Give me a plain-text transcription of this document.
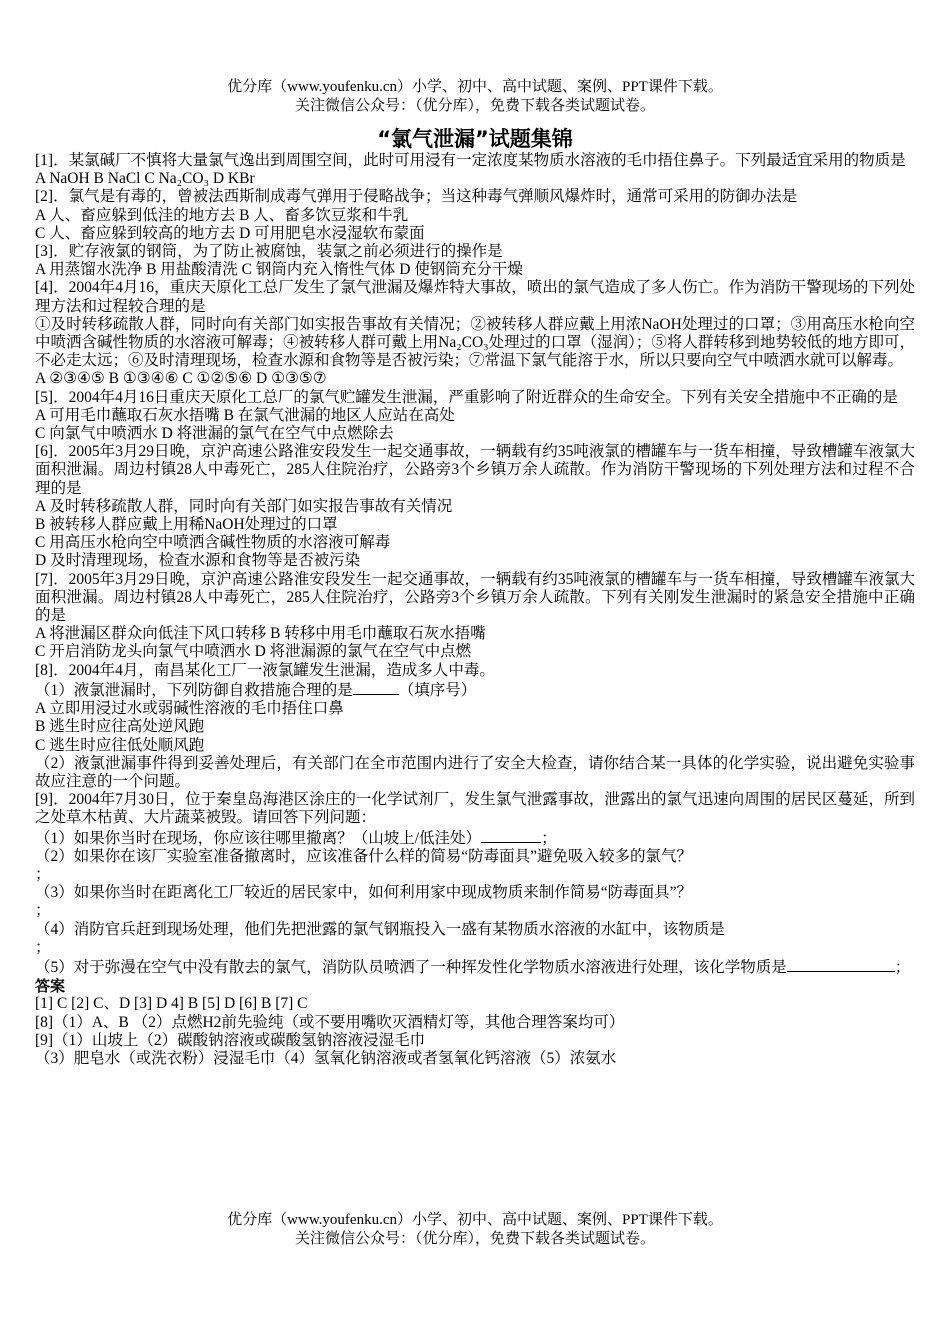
优分库（www.youfenku.cn）小学、初中、高中试题、案例、PPT课件下载。

关注微信公众号：（优分库），免费下载各类试题试卷。

“氯气泄漏”试题集锦

[1]．某氯碱厂不慎将大量氯气逸出到周围空间，此时可用浸有一定浓度某物质水溶液的毛巾捂住鼻子。下列最适宜采用的物质是

A NaOH B NaCl C Na₂CO₃ D KBr

[2]．氯气是有毒的，曾被法西斯制成毒气弹用于侵略战争；当这种毒气弹顺风爆炸时，通常可采用的防御办法是

A 人、畜应躲到低洼的地方去 B 人、畜多饮豆浆和牛乳

C 人、畜应躲到较高的地方去 D 可用肥皂水浸湿软布蒙面

[3]．贮存液氯的钢筒，为了防止被腐蚀，装氯之前必须进行的操作是

A 用蒸馏水洗净 B 用盐酸清洗 C 钢筒内充入惰性气体 D 使钢筒充分干燥

[4]．2004年4月16，重庆天原化工总厂发生了氯气泄漏及爆炸特大事故，喷出的氯气造成了多人伤亡。作为消防干警现场的下列处理方法和过程较合理的是

①及时转移疏散人群，同时向有关部门如实报告事故有关情况；②被转移人群应戴上用浓NaOH处理过的口罩；③用高压水枪向空中喷洒含碱性物质的水溶液可解毒；④被转移人群可戴上用Na₂CO₃处理过的口罩（湿润）；⑤将人群转移到地势较低的地方即可，不必走太远；⑥及时清理现场，检查水源和食物等是否被污染；⑦常温下氯气能溶于水，所以只要向空气中喷洒水就可以解毒。

A ②③④⑤ B ①③④⑥ C ①②⑤⑥ D ①③⑤⑦

[5]．2004年4月16日重庆天原化工总厂的氯气贮罐发生泄漏，严重影响了附近群众的生命安全。下列有关安全措施中不正确的是

A 可用毛巾蘸取石灰水捂嘴 B 在氯气泄漏的地区人应站在高处

C 向氯气中喷洒水 D 将泄漏的氯气在空气中点燃除去

[6]．2005年3月29日晚，京沪高速公路淮安段发生一起交通事故，一辆载有约35吨液氯的槽罐车与一货车相撞，导致槽罐车液氯大面积泄漏。周边村镇28人中毒死亡，285人住院治疗，公路旁3个乡镇万余人疏散。作为消防干警现场的下列处理方法和过程不合理的是

A 及时转移疏散人群，同时向有关部门如实报告事故有关情况

B 被转移人群应戴上用稀NaOH处理过的口罩

C 用高压水枪向空中喷洒含碱性物质的水溶液可解毒

D 及时清理现场，检查水源和食物等是否被污染

[7]．2005年3月29日晚，京沪高速公路淮安段发生一起交通事故，一辆载有约35吨液氯的槽罐车与一货车相撞，导致槽罐车液氯大面积泄漏。周边村镇28人中毒死亡，285人住院治疗，公路旁3个乡镇万余人疏散。下列有关刚发生泄漏时的紧急安全措施中正确的是

A 将泄漏区群众向低洼下风口转移 B 转移中用毛巾蘸取石灰水捂嘴

C 开启消防龙头向氯气中喷洒水 D 将泄漏源的氯气在空气中点燃

[8]．2004年4月，南昌某化工厂一液氯罐发生泄漏，造成多人中毒。

（1）液氯泄漏时，下列防御自救措施合理的是	（填序号）

A 立即用浸过水或弱碱性溶液的毛巾捂住口鼻

B 逃生时应往高处逆风跑

C 逃生时应往低处顺风跑

（2）液氯泄漏事件得到妥善处理后，有关部门在全市范围内进行了安全大检查，请你结合某一具体的化学实验，说出避免实验事故应注意的一个问题。

[9]．2004年7月30日，位于秦皇岛海港区涂庄的一化学试剂厂，发生氯气泄露事故，泄露出的氯气迅速向周围的居民区蔓延，所到之处草木枯黄、大片蔬菜被毁。请回答下列问题：

（1）如果你当时在现场，你应该往哪里撤离？（山坡上/低洼处）	；

（2）如果你在该厂实验室准备撤离时，应该准备什么样的简易“防毒面具”避免吸入较多的氯气？

；

（3）如果你当时在距离化工厂较近的居民家中，如何利用家中现成物质来制作简易“防毒面具”？

；

（4）消防官兵赶到现场处理，他们先把泄露的氯气钢瓶投入一盛有某物质水溶液的水缸中，该物质是

；

（5）对于弥漫在空气中没有散去的氯气，消防队员喷洒了一种挥发性化学物质水溶液进行处理，该化学物质是	；

答案

[1] C [2] C、D [3] D 4] B [5] D [6] B [7] C

[8]（1）A、B （2）点燃H2前先验纯（或不要用嘴吹灭酒精灯等，其他合理答案均可）

[9]（1）山坡上（2）碳酸钠溶液或碳酸氢钠溶液浸湿毛巾

（3）肥皂水（或洗衣粉）浸湿毛巾（4）氢氧化钠溶液或者氢氧化钙溶液（5）浓氨水

优分库（www.youfenku.cn）小学、初中、高中试题、案例、PPT课件下载。

关注微信公众号：（优分库），免费下载各类试题试卷。
